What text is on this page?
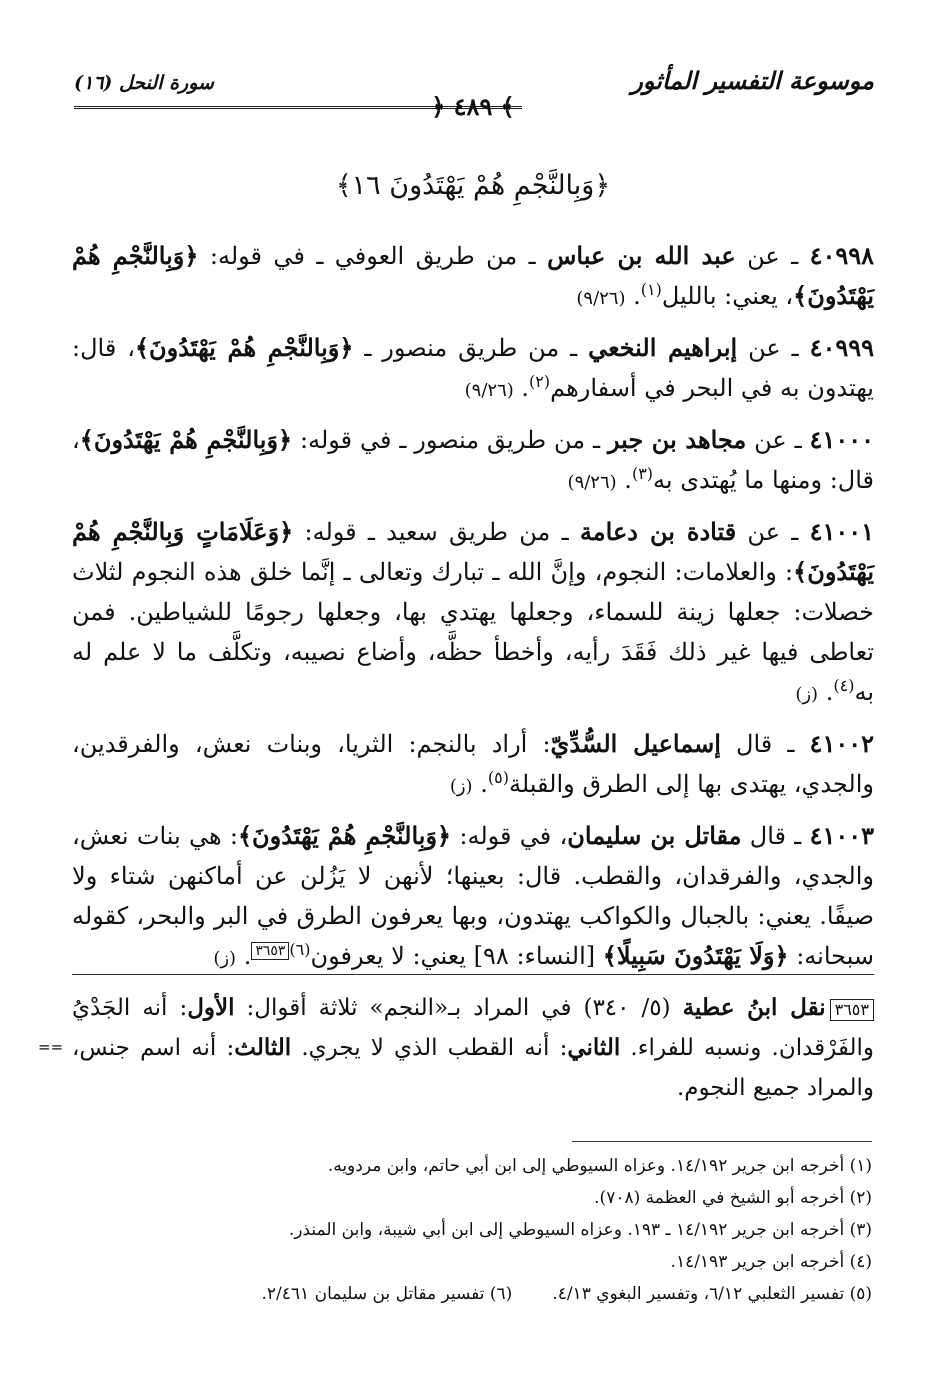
موسوعة التفسير المأثور
سورة النحل (١٦)
﴾ ٤٨٩ ﴿
﴿وَبِالنَّجْمِ هُمْ يَهْتَدُونَ ١٦﴾

٤٠٩٩٨ ـ عن عبد الله بن عباس ـ من طريق العوفي ـ في قوله: ﴿وَبِالنَّجْمِ هُمْ يَهْتَدُونَ﴾، يعني: بالليل$^{(١)}$. (٩/٢٦)

٤٠٩٩٩ ـ عن إبراهيم النخعي ـ من طريق منصور ـ ﴿وَبِالنَّجْمِ هُمْ يَهْتَدُونَ﴾، قال: يهتدون به في البحر في أسفارهم$^{(٢)}$. (٩/٢٦)

٤١٠٠٠ ـ عن مجاهد بن جبر ـ من طريق منصور ـ في قوله: ﴿وَبِالنَّجْمِ هُمْ يَهْتَدُونَ﴾، قال: ومنها ما يُهتدى به$^{(٣)}$. (٩/٢٦)

٤١٠٠١ ـ عن قتادة بن دعامة ـ من طريق سعيد ـ قوله: ﴿وَعَلَامَاتٍ وَبِالنَّجْمِ هُمْ يَهْتَدُونَ﴾: والعلامات: النجوم، وإنَّ الله ـ تبارك وتعالى ـ إنَّما خلق هذه النجوم لثلاث خصلات: جعلها زينة للسماء، وجعلها يهتدي بها، وجعلها رجومًا للشياطين. فمن تعاطى فيها غير ذلك فَقَدَ رأيه، وأخطأ حظَّه، وأضاع نصيبه، وتكلَّف ما لا علم له به$^{(٤)}$. (ز)

٤١٠٠٢ ـ قال إسماعيل السُّدِّيّ: أراد بالنجم: الثريا، وبنات نعش، والفرقدين، والجدي، يهتدى بها إلى الطرق والقبلة$^{(٥)}$. (ز)

٤١٠٠٣ ـ قال مقاتل بن سليمان، في قوله: ﴿وَبِالنَّجْمِ هُمْ يَهْتَدُونَ﴾: هي بنات نعش، والجدي، والفرقدان، والقطب. قال: بعينها؛ لأنهن لا يَزُلن عن أماكنهن شتاء ولا صيفًا. يعني: بالجبال والكواكب يهتدون، وبها يعرفون الطرق في البر والبحر، كقوله سبحانه: ﴿وَلَا يَهْتَدُونَ سَبِيلًا﴾ [النساء: ٩٨] يعني: لا يعرفون$^{(٦)}$٣٦٥٣. (ز)

٣٦٥٣نقل ابنُ عطية (٥/ ٣٤٠) في المراد بـ«النجم» ثلاثة أقوال: الأول: أنه الجَدْيُ والفَرْقدان. ونسبه للفراء. الثاني: أنه القطب الذي لا يجري. الثالث: أنه اسم جنس، والمراد جميع النجوم.

==
(١) أخرجه ابن جرير ١٤/١٩٢. وعزاه السيوطي إلى ابن أبي حاتم، وابن مردويه.
(٢) أخرجه أبو الشيخ في العظمة (٧٠٨).
(٣) أخرجه ابن جرير ١٤/١٩٢ ـ ١٩٣. وعزاه السيوطي إلى ابن أبي شيبة، وابن المنذر.
(٤) أخرجه ابن جرير ١٤/١٩٣.
(٥) تفسير الثعلبي ٦/١٢، وتفسير البغوي ٤/١٣.
(٦) تفسير مقاتل بن سليمان ٢/٤٦١.
